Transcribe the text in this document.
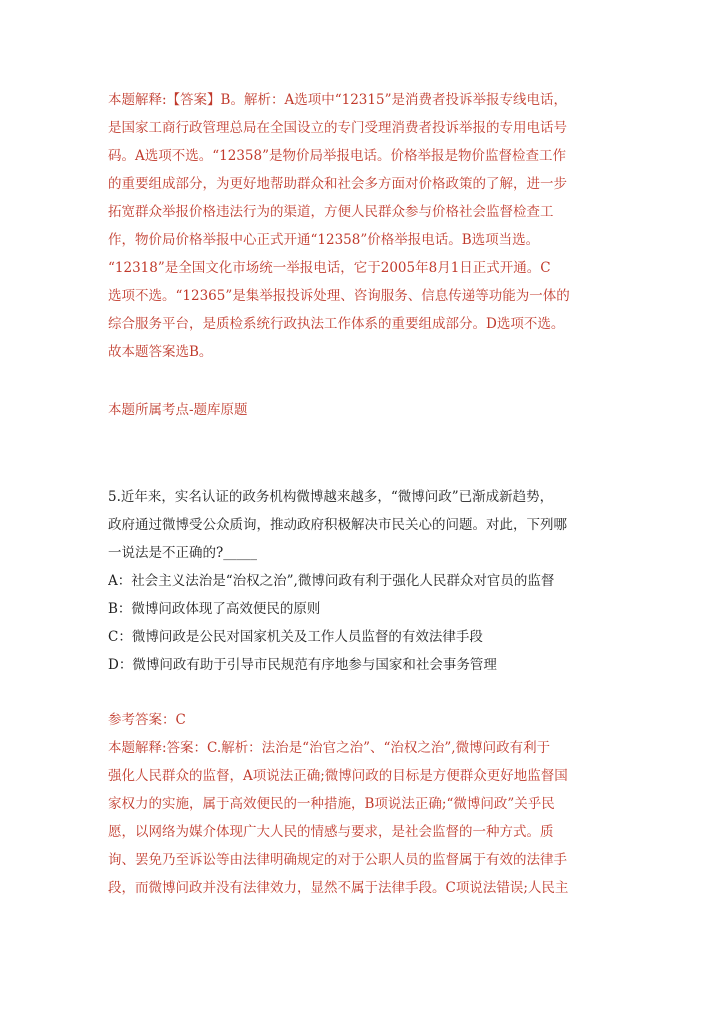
本题解释:【答案】B。解析：A选项中“12315”是消费者投诉举报专线电话，
是国家工商行政管理总局在全国设立的专门受理消费者投诉举报的专用电话号
码。A选项不选。“12358”是物价局举报电话。价格举报是物价监督检查工作
的重要组成部分，为更好地帮助群众和社会多方面对价格政策的了解，进一步
拓宽群众举报价格违法行为的渠道，方便人民群众参与价格社会监督检查工
作，物价局价格举报中心正式开通“12358”价格举报电话。B选项当选。
“12318”是全国文化市场统一举报电话，它于2005年8月1日正式开通。C
选项不选。“12365”是集举报投诉处理、咨询服务、信息传递等功能为一体的
综合服务平台，是质检系统行政执法工作体系的重要组成部分。D选项不选。
故本题答案选B。
本题所属考点-题库原题
5.近年来，实名认证的政务机构微博越来越多，“微博问政”已渐成新趋势，
政府通过微博受公众质询，推动政府积极解决市民关心的问题。对此，下列哪
一说法是不正确的?_____
A：社会主义法治是“治权之治”,微博问政有利于强化人民群众对官员的监督
B：微博问政体现了高效便民的原则
C：微博问政是公民对国家机关及工作人员监督的有效法律手段
D：微博问政有助于引导市民规范有序地参与国家和社会事务管理
参考答案：C
本题解释:答案：C.解析：法治是“治官之治”、“治权之治”,微博问政有利于
强化人民群众的监督，A项说法正确;微博问政的目标是方便群众更好地监督国
家权力的实施，属于高效便民的一种措施，B项说法正确;“微博问政”关乎民
愿，以网络为媒介体现广大人民的情感与要求，是社会监督的一种方式。质
询、罢免乃至诉讼等由法律明确规定的对于公职人员的监督属于有效的法律手
段，而微博问政并没有法律效力，显然不属于法律手段。C项说法错误;人民主
